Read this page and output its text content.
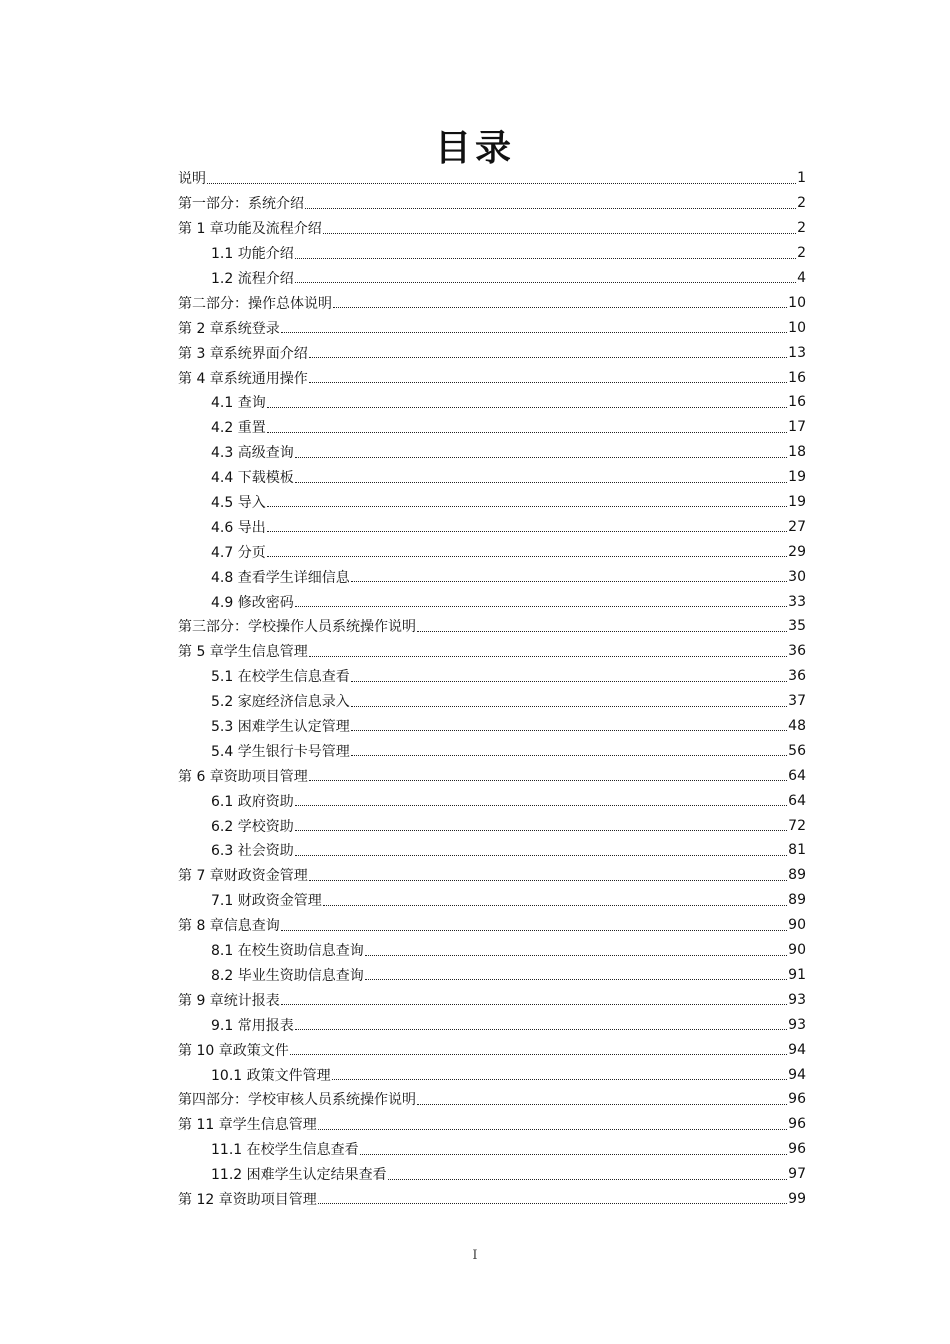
目录
说明	1
第一部分：系统介绍	2
第 1 章功能及流程介绍	2
1.1 功能介绍	2
1.2 流程介绍	4
第二部分：操作总体说明	10
第 2 章系统登录	10
第 3 章系统界面介绍	13
第 4 章系统通用操作	16
4.1 查询	16
4.2 重置	17
4.3 高级查询	18
4.4 下载模板	19
4.5 导入	19
4.6 导出	27
4.7 分页	29
4.8 查看学生详细信息	30
4.9 修改密码	33
第三部分：学校操作人员系统操作说明	35
第 5 章学生信息管理	36
5.1 在校学生信息查看	36
5.2 家庭经济信息录入	37
5.3 困难学生认定管理	48
5.4 学生银行卡号管理	56
第 6 章资助项目管理	64
6.1 政府资助	64
6.2 学校资助	72
6.3 社会资助	81
第 7 章财政资金管理	89
7.1 财政资金管理	89
第 8 章信息查询	90
8.1 在校生资助信息查询	90
8.2 毕业生资助信息查询	91
第 9 章统计报表	93
9.1 常用报表	93
第 10 章政策文件	94
10.1 政策文件管理	94
第四部分：学校审核人员系统操作说明	96
第 11 章学生信息管理	96
11.1 在校学生信息查看	96
11.2 困难学生认定结果查看	97
第 12 章资助项目管理	99
I
